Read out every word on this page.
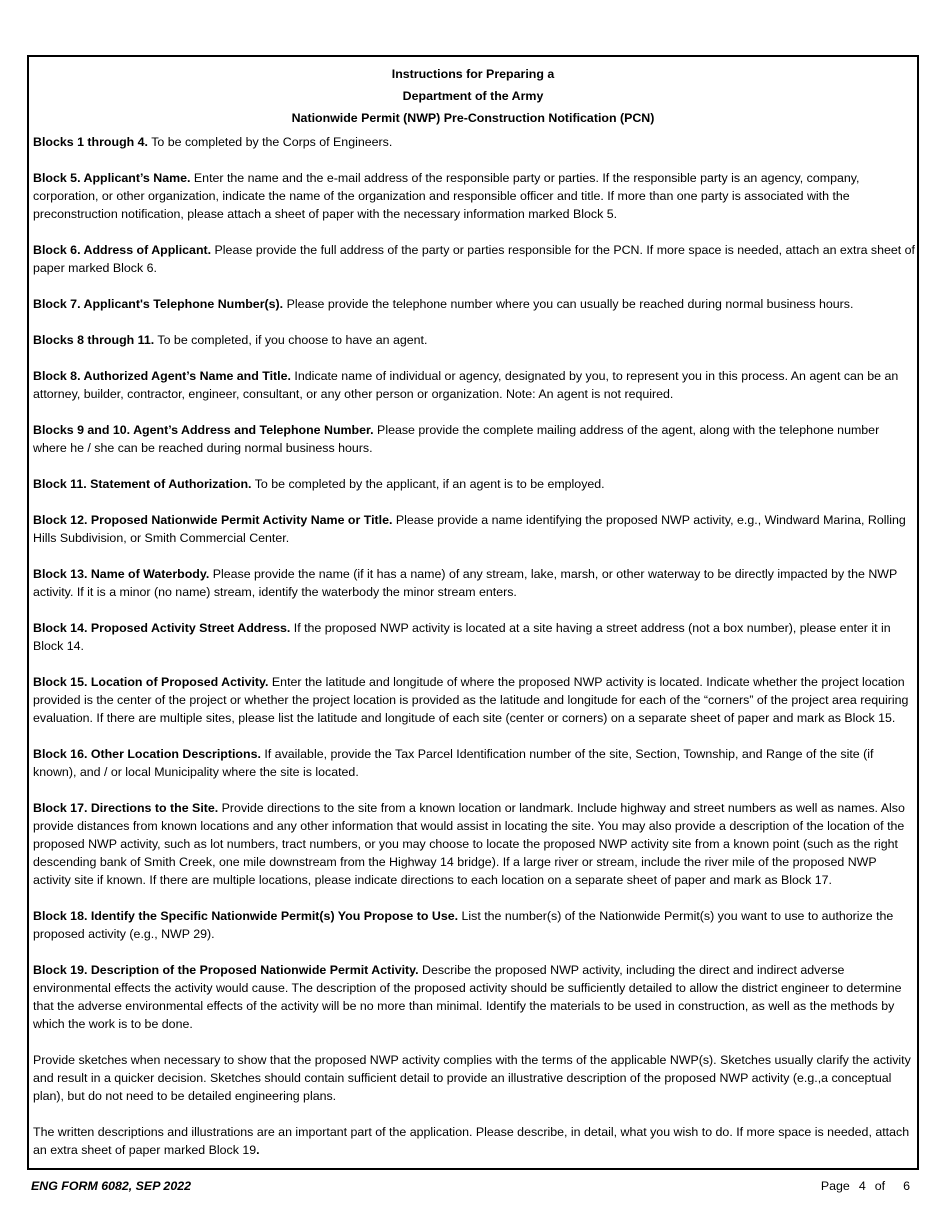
Instructions for Preparing a
Department of the Army
Nationwide Permit (NWP) Pre-Construction Notification (PCN)

Blocks 1 through 4. To be completed by the Corps of Engineers.

Block 5. Applicant’s Name. Enter the name and the e-mail address of the responsible party or parties. If the responsible party is an agency, company, corporation, or other organization, indicate the name of the organization and responsible officer and title. If more than one party is associated with the preconstruction notification, please attach a sheet of paper with the necessary information marked Block 5.

Block 6. Address of Applicant. Please provide the full address of the party or parties responsible for the PCN. If more space is needed, attach an extra sheet of paper marked Block 6.

Block 7. Applicant's Telephone Number(s). Please provide the telephone number where you can usually be reached during normal business hours.

Blocks 8 through 11. To be completed, if you choose to have an agent.

Block 8. Authorized Agent’s Name and Title. Indicate name of individual or agency, designated by you, to represent you in this process. An agent can be an attorney, builder, contractor, engineer, consultant, or any other person or organization. Note: An agent is not required.

Blocks 9 and 10. Agent’s Address and Telephone Number. Please provide the complete mailing address of the agent, along with the telephone number where he / she can be reached during normal business hours.

Block 11. Statement of Authorization. To be completed by the applicant, if an agent is to be employed.

Block 12. Proposed Nationwide Permit Activity Name or Title. Please provide a name identifying the proposed NWP activity, e.g., Windward Marina, Rolling Hills Subdivision, or Smith Commercial Center.

Block 13. Name of Waterbody. Please provide the name (if it has a name) of any stream, lake, marsh, or other waterway to be directly impacted by the NWP activity. If it is a minor (no name) stream, identify the waterbody the minor stream enters.

Block 14. Proposed Activity Street Address. If the proposed NWP activity is located at a site having a street address (not a box number), please enter it in Block 14.

Block 15. Location of Proposed Activity. Enter the latitude and longitude of where the proposed NWP activity is located. Indicate whether the project location provided is the center of the project or whether the project location is provided as the latitude and longitude for each of the “corners” of the project area requiring evaluation. If there are multiple sites, please list the latitude and longitude of each site (center or corners) on a separate sheet of paper and mark as Block 15.

Block 16. Other Location Descriptions. If available, provide the Tax Parcel Identification number of the site, Section, Township, and Range of the site (if known), and / or local Municipality where the site is located.

Block 17. Directions to the Site. Provide directions to the site from a known location or landmark. Include highway and street numbers as well as names. Also provide distances from known locations and any other information that would assist in locating the site. You may also provide a description of the location of the proposed NWP activity, such as lot numbers, tract numbers, or you may choose to locate the proposed NWP activity site from a known point (such as the right descending bank of Smith Creek, one mile downstream from the Highway 14 bridge). If a large river or stream, include the river mile of the proposed NWP activity site if known. If there are multiple locations, please indicate directions to each location on a separate sheet of paper and mark as Block 17.

Block 18. Identify the Specific Nationwide Permit(s) You Propose to Use. List the number(s) of the Nationwide Permit(s) you want to use to authorize the proposed activity (e.g., NWP 29).

Block 19. Description of the Proposed Nationwide Permit Activity. Describe the proposed NWP activity, including the direct and indirect adverse environmental effects the activity would cause. The description of the proposed activity should be sufficiently detailed to allow the district engineer to determine that the adverse environmental effects of the activity will be no more than minimal. Identify the materials to be used in construction, as well as the methods by which the work is to be done.

Provide sketches when necessary to show that the proposed NWP activity complies with the terms of the applicable NWP(s). Sketches usually clarify the activity and result in a quicker decision. Sketches should contain sufficient detail to provide an illustrative description of the proposed NWP activity (e.g.,a conceptual plan), but do not need to be detailed engineering plans.

The written descriptions and illustrations are an important part of the application. Please describe, in detail, what you wish to do. If more space is needed, attach an extra sheet of paper marked Block 19.

ENG FORM 6082, SEP 2022	Page 4 of 6
